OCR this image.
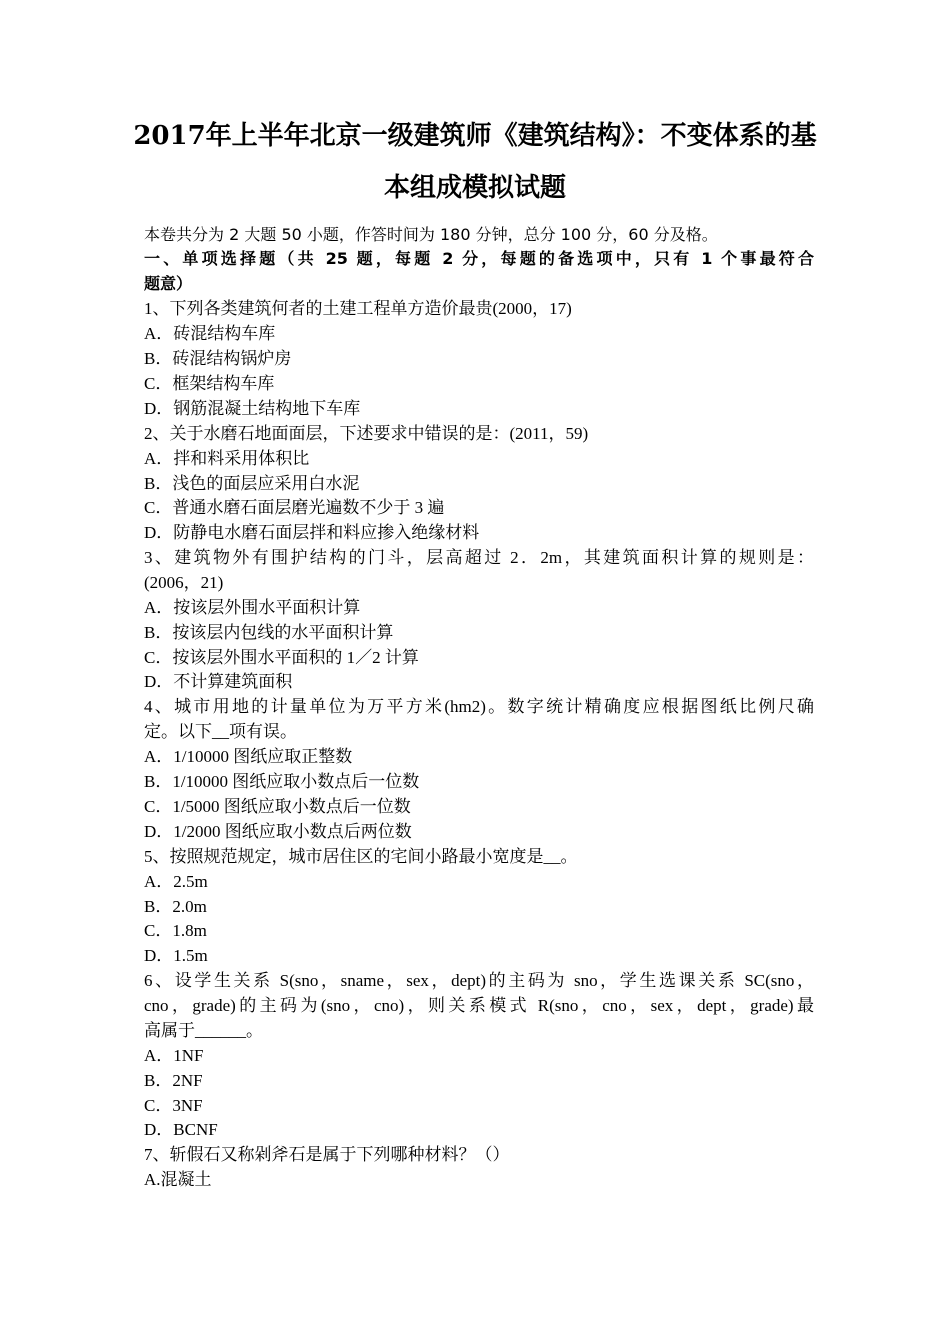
2017年上半年北京一级建筑师《建筑结构》：不变体系的基
本组成模拟试题
本卷共分为 2 大题 50 小题，作答时间为 180 分钟，总分 100 分，60 分及格。
一、单项选择题（共 25 题，每题 2 分，每题的备选项中，只有 1 个事最符合
题意）
1、下列各类建筑何者的土建工程单方造价最贵(2000，17)
A．砖混结构车库
B．砖混结构锅炉房
C．框架结构车库
D．钢筋混凝土结构地下车库
2、关于水磨石地面面层，下述要求中错误的是：(2011，59)
A．拌和料采用体积比
B．浅色的面层应采用白水泥
C．普通水磨石面层磨光遍数不少于 3 遍
D．防静电水磨石面层拌和料应掺入绝缘材料
3、建筑物外有围护结构的门斗，层高超过 2．2m，其建筑面积计算的规则是：
(2006，21)
A．按该层外围水平面积计算
B．按该层内包线的水平面积计算
C．按该层外围水平面积的 1／2 计算
D．不计算建筑面积
4、城市用地的计量单位为万平方米(hm2)。数字统计精确度应根据图纸比例尺确
定。以下__项有误。
A．1/10000 图纸应取正整数
B．1/10000 图纸应取小数点后一位数
C．1/5000 图纸应取小数点后一位数
D．1/2000 图纸应取小数点后两位数
5、按照规范规定，城市居住区的宅间小路最小宽度是__。
A．2.5m
B．2.0m
C．1.8m
D．1.5m
6、设学生关系 S(sno，sname，sex，dept)的主码为 sno，学生选课关系 SC(sno，
cno，grade)的主码为(sno，cno)，则关系模式 R(sno，cno，sex，dept，grade)最
高属于______。
A．1NF
B．2NF
C．3NF
D．BCNF
7、斩假石又称剁斧石是属于下列哪种材料？（）
A.混凝土
